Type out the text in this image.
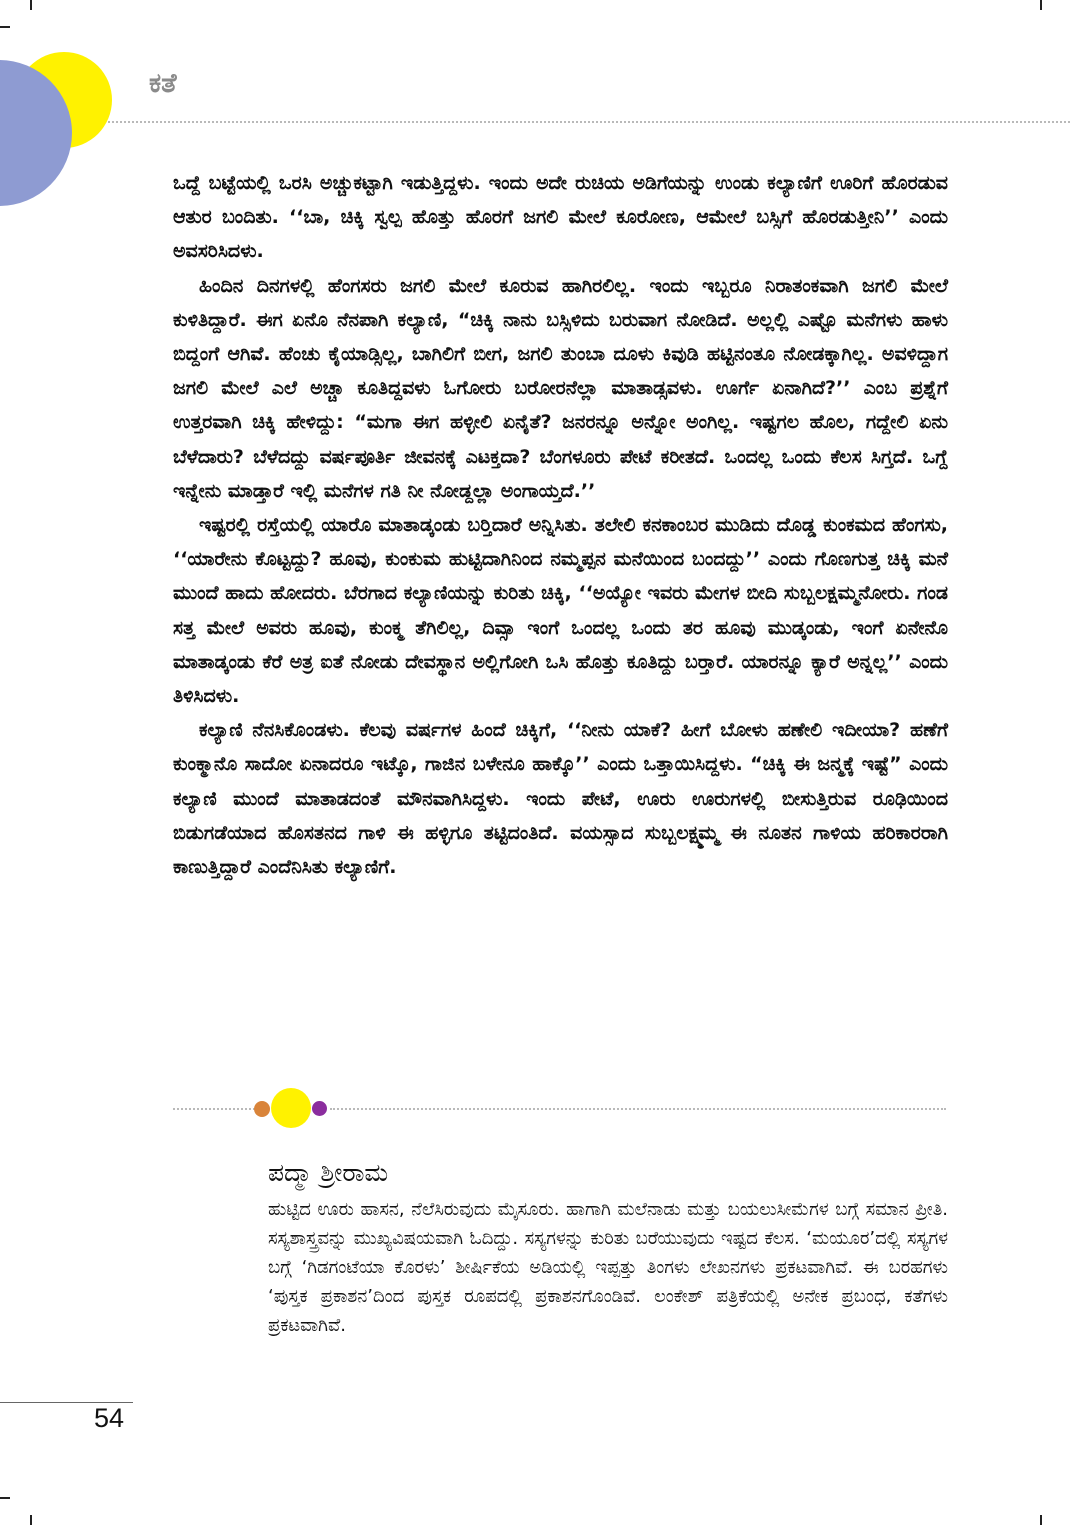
ಕತೆ

ಒದ್ದೆ ಬಟ್ಟೆಯಲ್ಲಿ ಒರಸಿ ಅಚ್ಚುಕಟ್ಟಾಗಿ ಇಡುತ್ತಿದ್ದಳು. ಇಂದು ಅದೇ ರುಚಿಯ ಅಡಿಗೆಯನ್ನು ಉಂಡು ಕಲ್ಯಾಣಿಗೆ ಊರಿಗೆ ಹೊರಡುವ ಆತುರ ಬಂದಿತು. ‘‘ಬಾ, ಚಿಕ್ಕಿ ಸ್ವಲ್ಪ ಹೊತ್ತು ಹೊರಗೆ ಜಗಲಿ ಮೇಲೆ ಕೂರೋಣ, ಆಮೇಲೆ ಬಸ್ಸಿಗೆ ಹೊರಡುತ್ತೀನಿ’’ ಎಂದು ಅವಸರಿಸಿದಳು.

ಹಿಂದಿನ ದಿನಗಳಲ್ಲಿ ಹೆಂಗಸರು ಜಗಲಿ ಮೇಲೆ ಕೂರುವ ಹಾಗಿರಲಿಲ್ಲ. ಇಂದು ಇಬ್ಬರೂ ನಿರಾತಂಕವಾಗಿ ಜಗಲಿ ಮೇಲೆ ಕುಳಿತಿದ್ದಾರೆ. ಈಗ ಏನೊ ನೆನಪಾಗಿ ಕಲ್ಯಾಣಿ, “ಚಿಕ್ಕಿ ನಾನು ಬಸ್ಸಿಳಿದು ಬರುವಾಗ ನೋಡಿದೆ. ಅಲ್ಲಲ್ಲಿ ಎಷ್ಟೊ ಮನೆಗಳು ಹಾಳು ಬಿದ್ದಂಗೆ ಆಗಿವೆ. ಹೆಂಚು ಕೈಯಾಡ್ಸಿಲ್ಲ, ಬಾಗಿಲಿಗೆ ಬೀಗ, ಜಗಲಿ ತುಂಬಾ ದೂಳು ಕಿವುಡಿ ಹಟ್ಟಿನಂತೂ ನೋಡಕ್ಕಾಗಿಲ್ಲ. ಅವಳಿದ್ದಾಗ ಜಗಲಿ ಮೇಲೆ ಎಲೆ ಅಚ್ಚಾ ಕೂತಿದ್ದವಳು ಓಗೋರು ಬರೋರನೆಲ್ಲಾ ಮಾತಾಡ್ಸವಳು. ಊರ್ಗೆ ಏನಾಗಿದೆ?’’ ಎಂಬ ಪ್ರಶ್ನೆಗೆ ಉತ್ತರವಾಗಿ ಚಿಕ್ಕಿ ಹೇಳಿದ್ದು: “ಮಗಾ ಈಗ ಹಳ್ಳೀಲಿ ಏನೈತೆ? ಜನರನ್ನೂ ಅನ್ನೋ ಅಂಗಿಲ್ಲ. ಇಷ್ಟಗಲ ಹೊಲ, ಗದ್ದೇಲಿ ಏನು ಬೆಳೆದಾರು? ಬೆಳೆದದ್ದು ವರ್ಷಪೂರ್ತಿ ಜೀವನಕ್ಕೆ ಎಟಕ್ತದಾ? ಬೆಂಗಳೂರು ಪೇಟೆ ಕರೀತದೆ. ಒಂದಲ್ಲ ಒಂದು ಕೆಲಸ ಸಿಗ್ತದೆ. ಒಗ್ದೆ ಇನ್ನೇನು ಮಾಡ್ತಾರೆ ಇಲ್ಲಿ ಮನೆಗಳ ಗತಿ ನೀ ನೋಡ್ದಲ್ಲಾ ಅಂಗಾಯ್ತದೆ.’’

ಇಷ್ಟರಲ್ಲಿ ರಸ್ತೆಯಲ್ಲಿ ಯಾರೊ ಮಾತಾಡ್ಕಂಡು ಬರ್‍ತಿದಾರೆ ಅನ್ನಿಸಿತು. ತಲೇಲಿ ಕನಕಾಂಬರ ಮುಡಿದು ದೊಡ್ಡ ಕುಂಕಮದ ಹೆಂಗಸು, ‘‘ಯಾರೇನು ಕೊಟ್ಟದ್ದು? ಹೂವು, ಕುಂಕುಮ ಹುಟ್ಟಿದಾಗಿನಿಂದ ನಮ್ಮಪ್ಪನ ಮನೆಯಿಂದ ಬಂದದ್ದು’’ ಎಂದು ಗೊಣಗುತ್ತ ಚಿಕ್ಕಿ ಮನೆ ಮುಂದೆ ಹಾದು ಹೋದರು. ಬೆರಗಾದ ಕಲ್ಯಾಣಿಯನ್ನು ಕುರಿತು ಚಿಕ್ಕಿ, ‘‘ಅಯ್ಯೋ ಇವರು ಮೇಗಳ ಬೀದಿ ಸುಬ್ಬಲಕ್ಷಮ್ಮನೋರು. ಗಂಡ ಸತ್ತ ಮೇಲೆ ಅವರು ಹೂವು, ಕುಂಕ್ಮ ತೆಗಿಲಿಲ್ಲ, ದಿವ್ಸಾ ಇಂಗೆ ಒಂದಲ್ಲ ಒಂದು ತರ ಹೂವು ಮುಡ್ಕಂಡು, ಇಂಗೆ ಏನೇನೊ ಮಾತಾಡ್ಕಂಡು ಕೆರೆ ಅತ್ರ ಐತೆ ನೋಡು ದೇವಸ್ಥಾನ ಅಲ್ಲಿಗೋಗಿ ಒಸಿ ಹೊತ್ತು ಕೂತಿದ್ದು ಬರ್‍ತಾರೆ. ಯಾರನ್ನೂ ಕ್ಯಾರೆ ಅನ್ನಲ್ಲ’’ ಎಂದು ತಿಳಿಸಿದಳು.

ಕಲ್ಯಾಣಿ ನೆನಸಿಕೊಂಡಳು. ಕೆಲವು ವರ್ಷಗಳ ಹಿಂದೆ ಚಿಕ್ಕಿಗೆ, ‘‘ನೀನು ಯಾಕೆ? ಹೀಗೆ ಬೋಳು ಹಣೇಲಿ ಇದೀಯಾ? ಹಣೆಗೆ ಕುಂಕ್ಮಾನೊ ಸಾದೋ ಏನಾದರೂ ಇಟ್ಕೊ, ಗಾಜಿನ ಬಳೇನೂ ಹಾಕ್ಕೊ’’ ಎಂದು ಒತ್ತಾಯಿಸಿದ್ದಳು. “ಚಿಕ್ಕಿ ಈ ಜನ್ಮಕ್ಕೆ ಇಷ್ಟೆ” ಎಂದು ಕಲ್ಯಾಣಿ ಮುಂದೆ ಮಾತಾಡದಂತೆ ಮೌನವಾಗಿಸಿದ್ದಳು. ಇಂದು ಪೇಟೆ, ಊರು ಊರುಗಳಲ್ಲಿ ಬೀಸುತ್ತಿರುವ ರೂಢಿಯಿಂದ ಬಿಡುಗಡೆಯಾದ ಹೊಸತನದ ಗಾಳಿ ಈ ಹಳ್ಳಿಗೂ ತಟ್ಟಿದಂತಿದೆ. ವಯಸ್ಸಾದ ಸುಬ್ಬಲಕ್ಷ್ಮಮ್ಮ ಈ ನೂತನ ಗಾಳಿಯ ಹರಿಕಾರರಾಗಿ ಕಾಣುತ್ತಿದ್ದಾರೆ ಎಂದೆನಿಸಿತು ಕಲ್ಯಾಣಿಗೆ.

ಪದ್ಮಾ ಶ್ರೀರಾಮ

ಹುಟ್ಟಿದ ಊರು ಹಾಸನ, ನೆಲೆಸಿರುವುದು ಮೈಸೂರು. ಹಾಗಾಗಿ ಮಲೆನಾಡು ಮತ್ತು ಬಯಲುಸೀಮೆಗಳ ಬಗ್ಗೆ ಸಮಾನ ಪ್ರೀತಿ. ಸಸ್ಯಶಾಸ್ತ್ರವನ್ನು ಮುಖ್ಯವಿಷಯವಾಗಿ ಓದಿದ್ದು. ಸಸ್ಯಗಳನ್ನು ಕುರಿತು ಬರೆಯುವುದು ಇಷ್ಟದ ಕೆಲಸ. ‘ಮಯೂರ’ದಲ್ಲಿ ಸಸ್ಯಗಳ ಬಗ್ಗೆ ‘ಗಿಡಗಂಟೆಯಾ ಕೊರಳು’ ಶೀರ್ಷಿಕೆಯ ಅಡಿಯಲ್ಲಿ ಇಪ್ಪತ್ತು ತಿಂಗಳು ಲೇಖನಗಳು ಪ್ರಕಟವಾಗಿವೆ. ಈ ಬರಹಗಳು ‘ಪುಸ್ತಕ ಪ್ರಕಾಶನ’ದಿಂದ ಪುಸ್ತಕ ರೂಪದಲ್ಲಿ ಪ್ರಕಾಶನಗೊಂಡಿವೆ. ಲಂಕೇಶ್ ಪತ್ರಿಕೆಯಲ್ಲಿ ಅನೇಕ ಪ್ರಬಂಧ, ಕತೆಗಳು ಪ್ರಕಟವಾಗಿವೆ.

54
